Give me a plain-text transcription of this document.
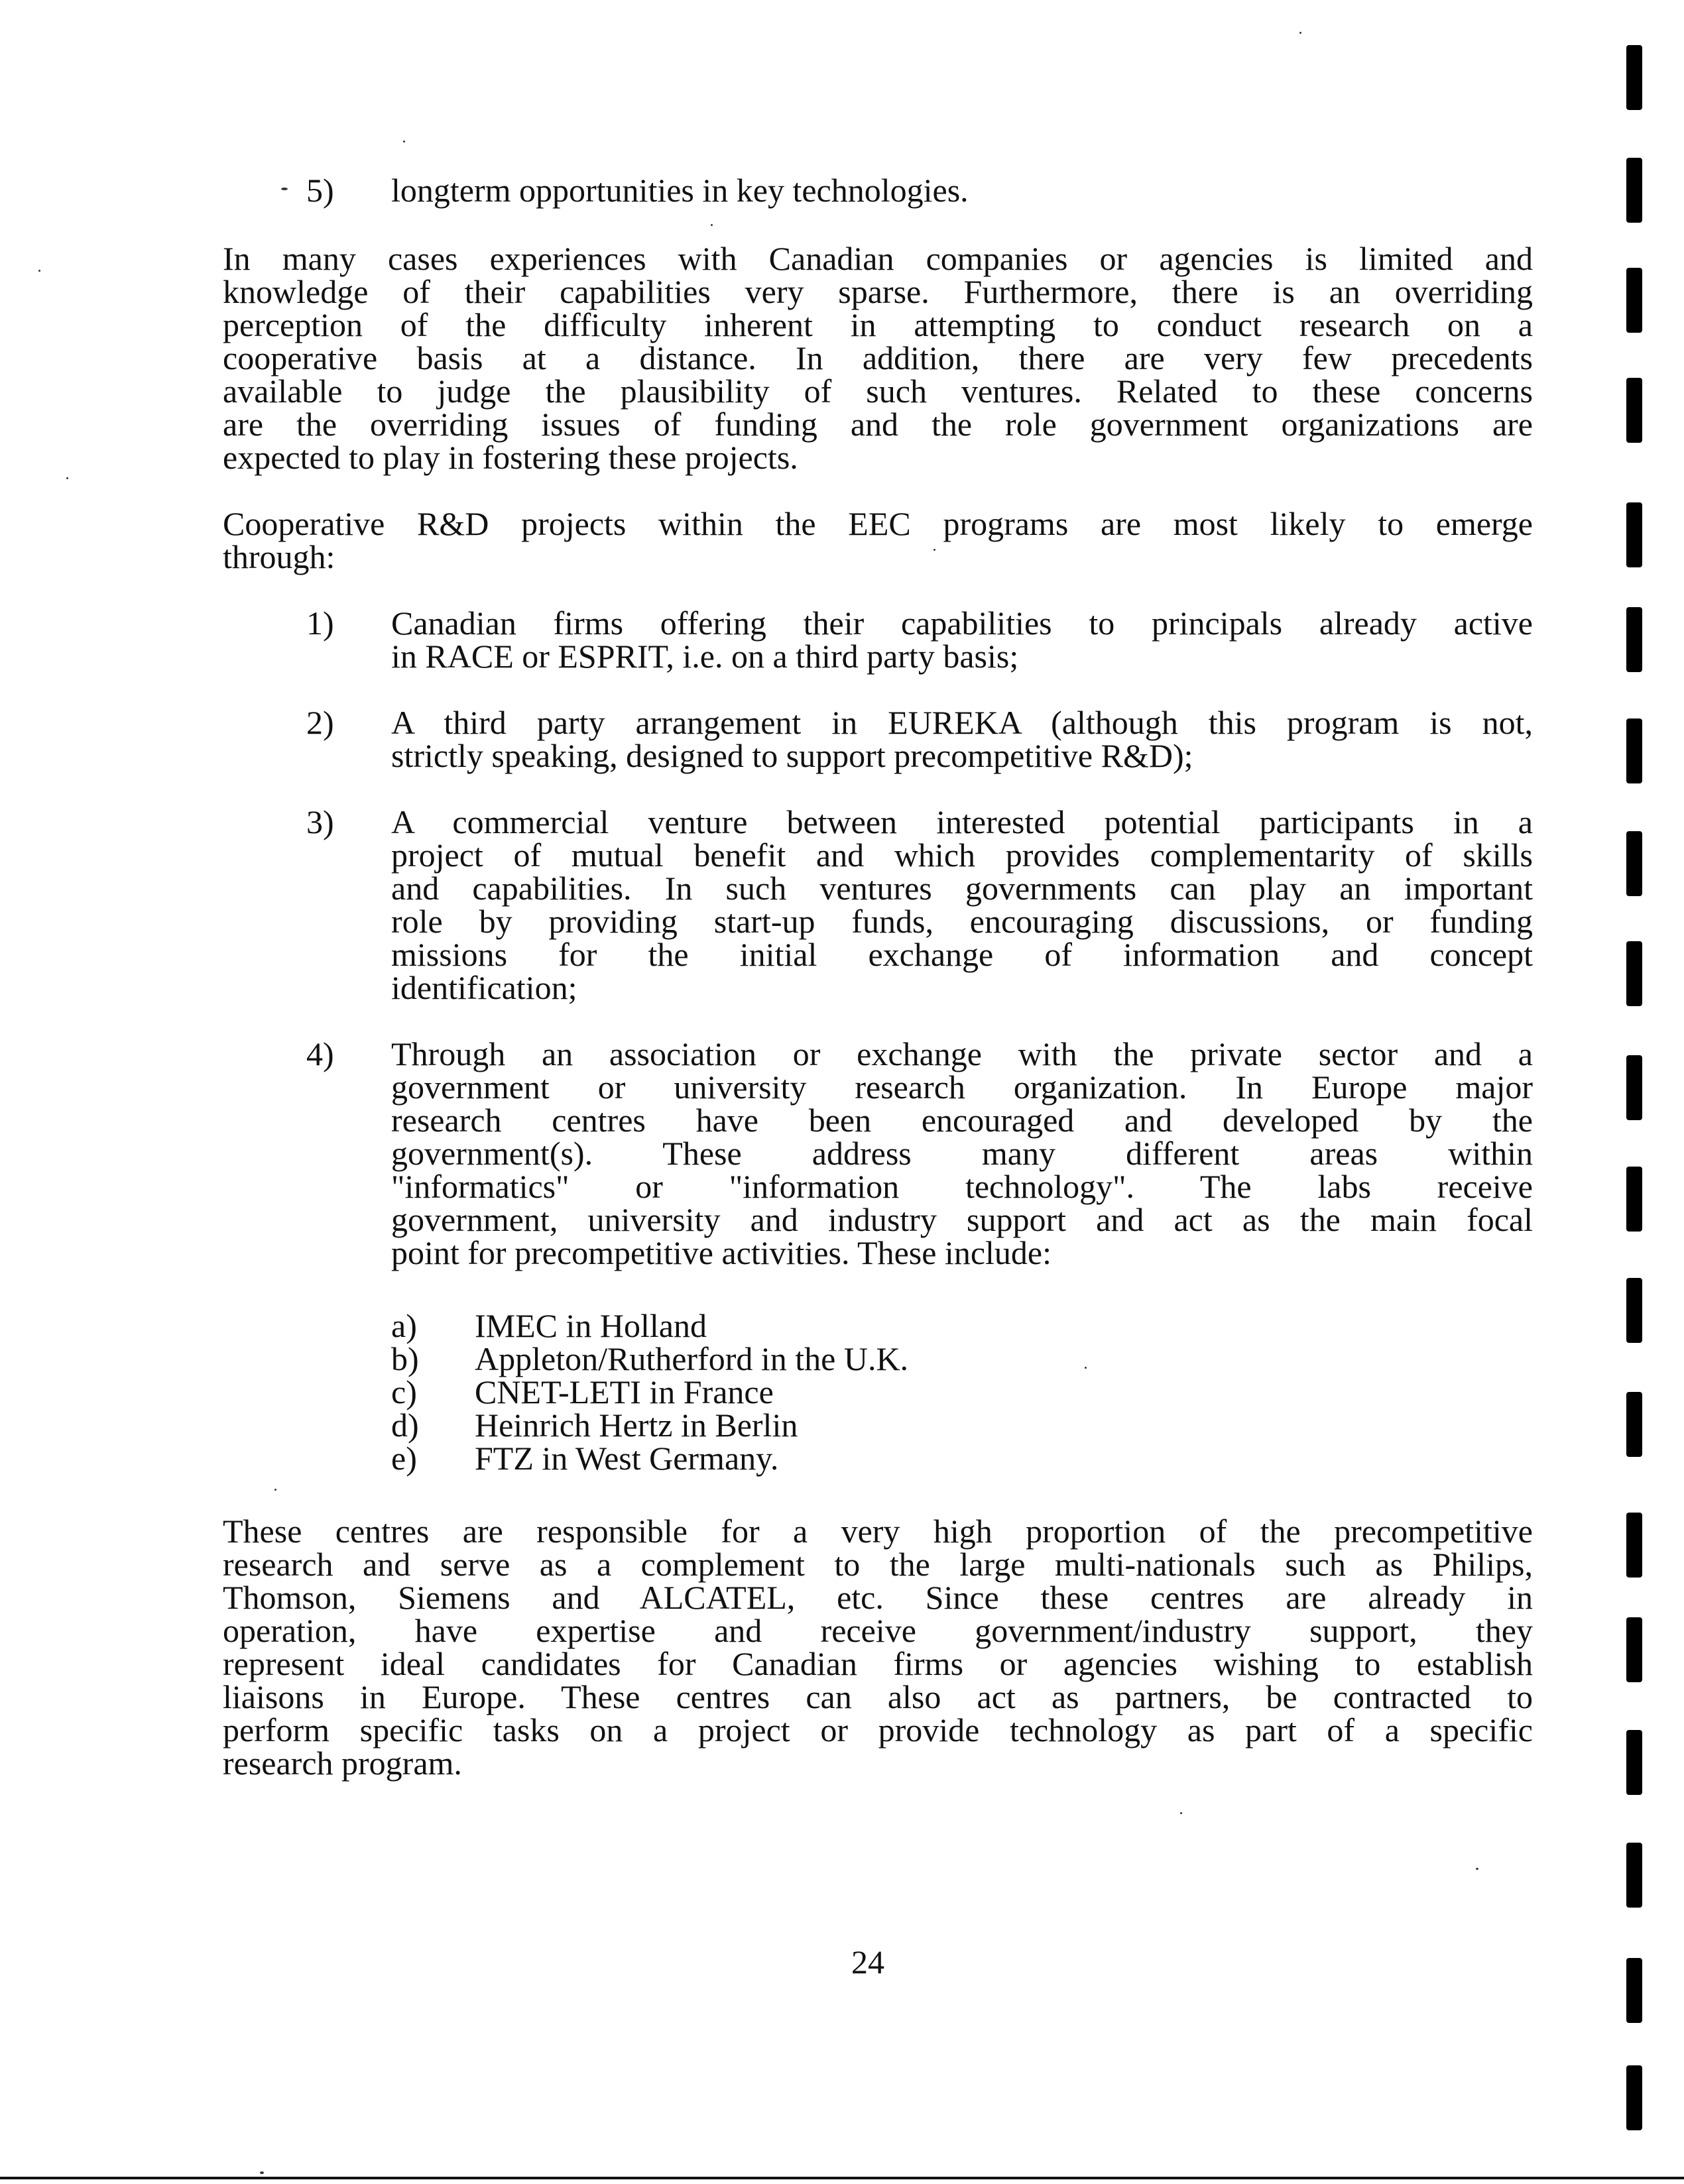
5) longterm opportunities in key technologies.
In many cases experiences with Canadian companies or agencies is limited and
knowledge of their capabilities very sparse. Furthermore, there is an overriding
perception of the difficulty inherent in attempting to conduct research on a
cooperative basis at a distance. In addition, there are very few precedents
available to judge the plausibility of such ventures. Related to these concerns
are the overriding issues of funding and the role government organizations are
expected to play in fostering these projects.
Cooperative R&D projects within the EEC programs are most likely to emerge
through:
1) Canadian firms offering their capabilities to principals already active
in RACE or ESPRIT, i.e. on a third party basis;
2) A third party arrangement in EUREKA (although this program is not,
strictly speaking, designed to support precompetitive R&D);
3) A commercial venture between interested potential participants in a
project of mutual benefit and which provides complementarity of skills
and capabilities. In such ventures governments can play an important
role by providing start-up funds, encouraging discussions, or funding
missions for the initial exchange of information and concept
identification;
4) Through an association or exchange with the private sector and a
government or university research organization. In Europe major
research centres have been encouraged and developed by the
government(s). These address many different areas within
"informatics" or "information technology". The labs receive
government, university and industry support and act as the main focal
point for precompetitive activities. These include:
a) IMEC in Holland
b) Appleton/Rutherford in the U.K.
c) CNET-LETI in France
d) Heinrich Hertz in Berlin
e) FTZ in West Germany.
These centres are responsible for a very high proportion of the precompetitive
research and serve as a complement to the large multi-nationals such as Philips,
Thomson, Siemens and ALCATEL, etc. Since these centres are already in
operation, have expertise and receive government/industry support, they
represent ideal candidates for Canadian firms or agencies wishing to establish
liaisons in Europe. These centres can also act as partners, be contracted to
perform specific tasks on a project or provide technology as part of a specific
research program.
24
